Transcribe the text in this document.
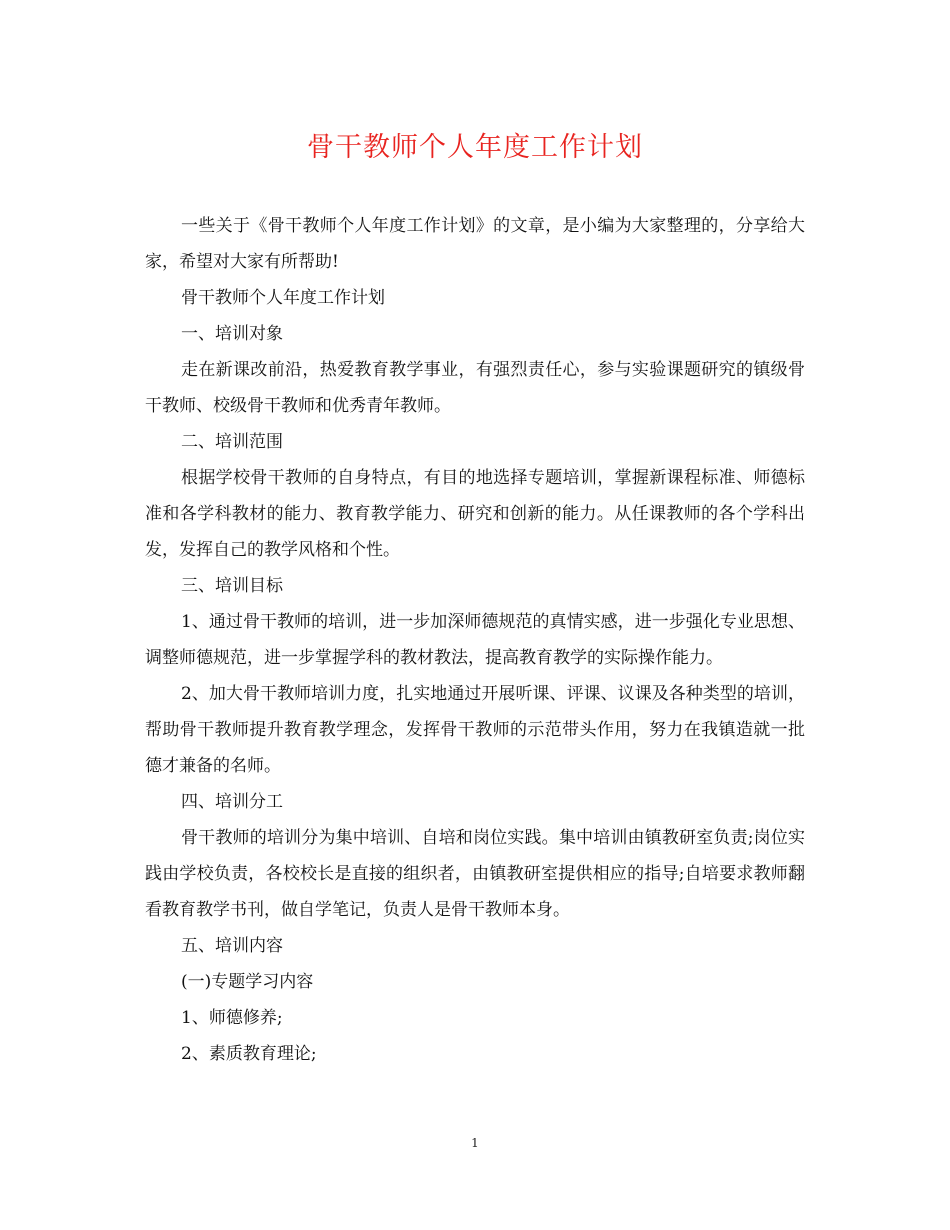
骨干教师个人年度工作计划

一些关于《骨干教师个人年度工作计划》的文章，是小编为大家整理的，分享给大家，希望对大家有所帮助!

骨干教师个人年度工作计划

一、培训对象

走在新课改前沿，热爱教育教学事业，有强烈责任心，参与实验课题研究的镇级骨干教师、校级骨干教师和优秀青年教师。

二、培训范围

根据学校骨干教师的自身特点，有目的地选择专题培训，掌握新课程标准、师德标准和各学科教材的能力、教育教学能力、研究和创新的能力。从任课教师的各个学科出发，发挥自己的教学风格和个性。

三、培训目标

1、通过骨干教师的培训，进一步加深师德规范的真情实感，进一步强化专业思想、调整师德规范，进一步掌握学科的教材教法，提高教育教学的实际操作能力。

2、加大骨干教师培训力度，扎实地通过开展听课、评课、议课及各种类型的培训，帮助骨干教师提升教育教学理念，发挥骨干教师的示范带头作用，努力在我镇造就一批德才兼备的名师。

四、培训分工

骨干教师的培训分为集中培训、自培和岗位实践。集中培训由镇教研室负责;岗位实践由学校负责，各校校长是直接的组织者，由镇教研室提供相应的指导;自培要求教师翻看教育教学书刊，做自学笔记，负责人是骨干教师本身。

五、培训内容

(一)专题学习内容

1、师德修养;

2、素质教育理论;

1
